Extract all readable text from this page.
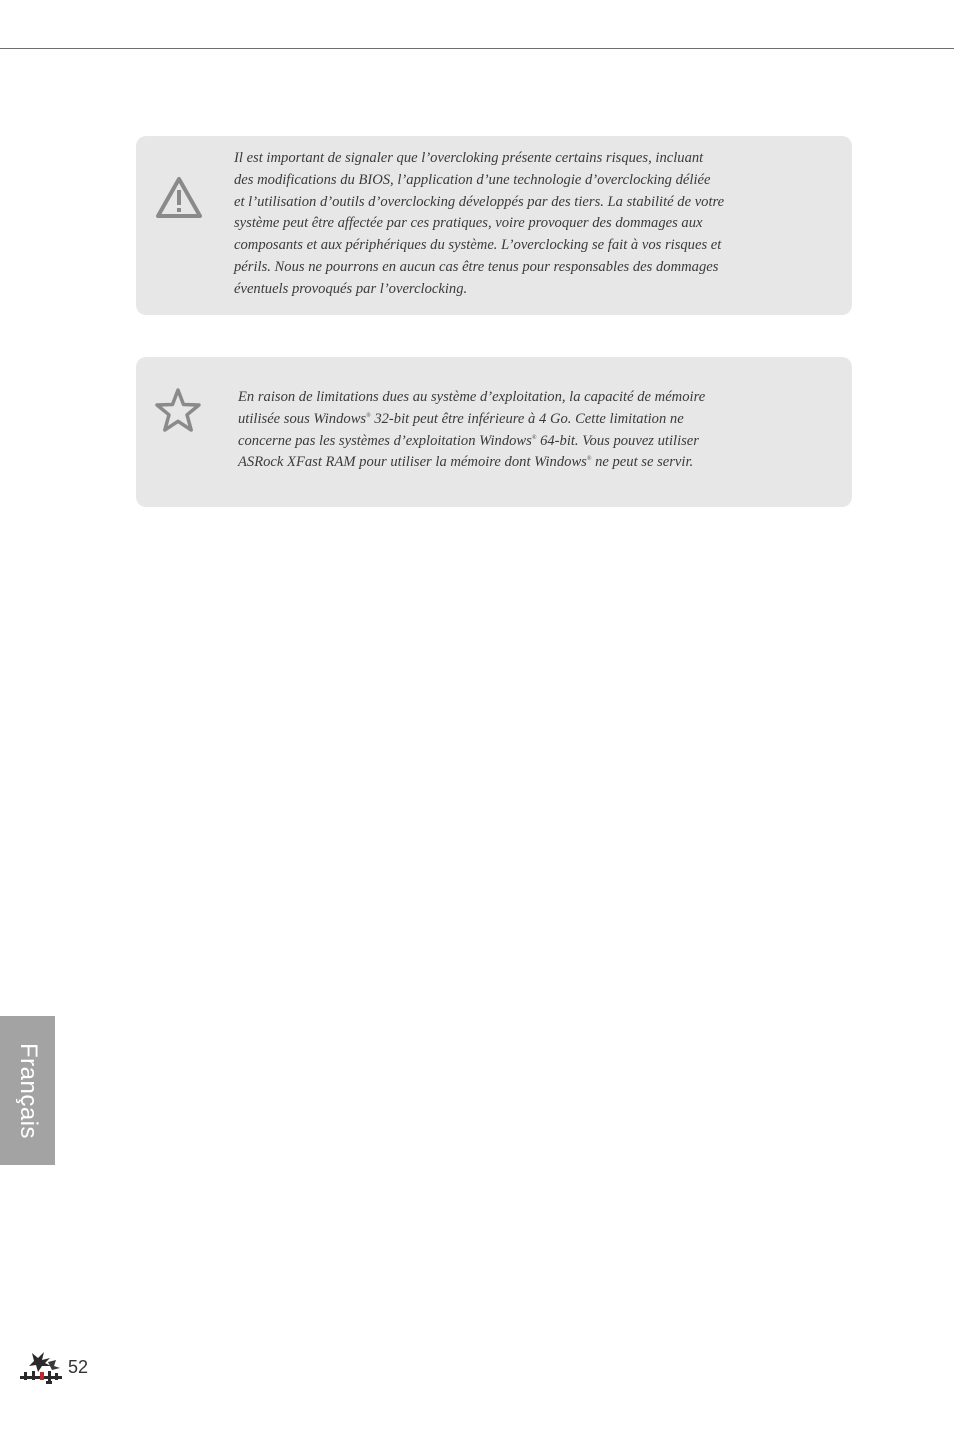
Il est important de signaler que l’overcloking présente certains risques, incluant

des modifications du BIOS, l’application d’une technologie d’overclocking déliée

et l’utilisation d’outils d’overclocking développés par des tiers. La stabilité de votre

système peut être affectée par ces pratiques, voire provoquer des dommages aux

composants et aux périphériques du système. L’overclocking se fait à vos risques et

périls. Nous ne pourrons en aucun cas être tenus pour responsables des dommages

éventuels provoqués par l’overclocking.

En raison de limitations dues au système d’exploitation, la capacité de mémoire

utilisée sous Windows® 32-bit peut être inférieure à 4 Go. Cette limitation ne

concerne pas les systèmes d’exploitation Windows® 64-bit. Vous pouvez utiliser

ASRock XFast RAM pour utiliser la mémoire dont Windows® ne peut se servir.

Français
52
